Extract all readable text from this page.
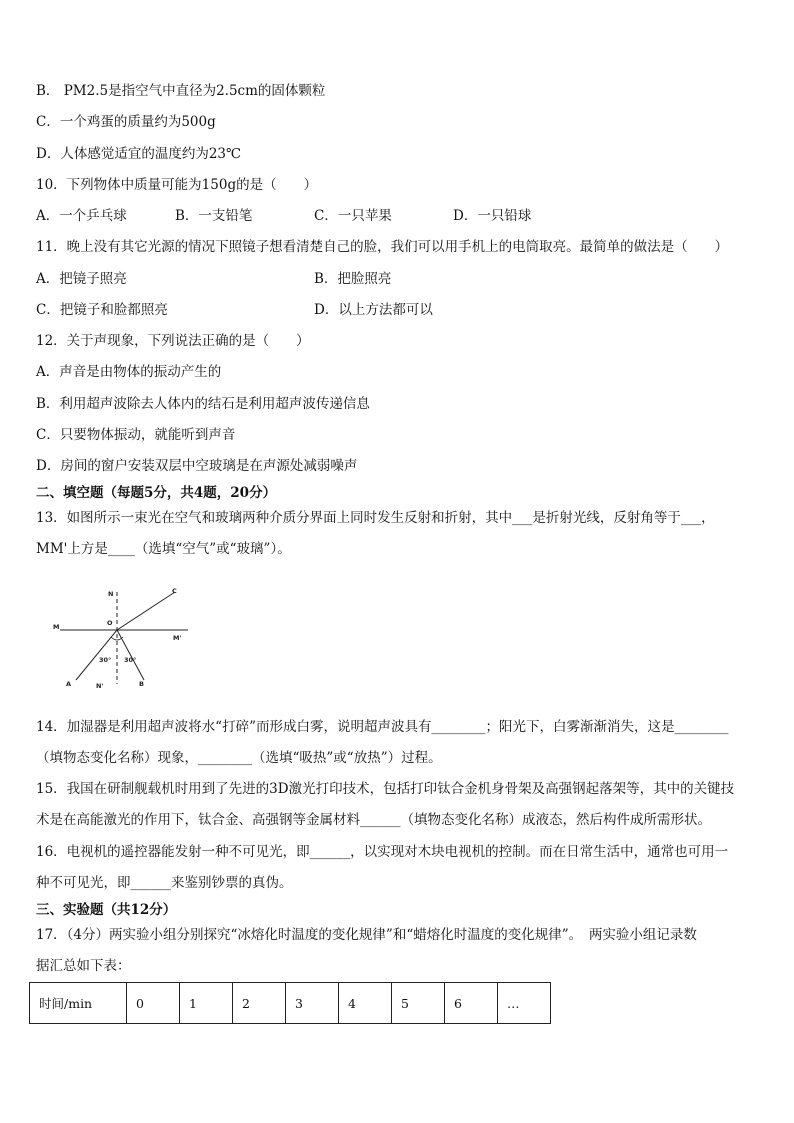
B． PM2.5是指空气中直径为2.5cm的固体颗粒
C．一个鸡蛋的质量约为500g
D．人体感觉适宜的温度约为23℃
10．下列物体中质量可能为150g的是（　　）
A．一个乒乓球	B．一支铅笔	C．一只苹果	D．一只铅球
11．晚上没有其它光源的情况下照镜子想看清楚自己的脸，我们可以用手机上的电筒取亮。最简单的做法是（　　）
A．把镜子照亮	B．把脸照亮
C．把镜子和脸都照亮	D．以上方法都可以
12．关于声现象，下列说法正确的是（　　）
A．声音是由物体的振动产生的
B．利用超声波除去人体内的结石是利用超声波传递信息
C．只要物体振动，就能听到声音
D．房间的窗户安装双层中空玻璃是在声源处减弱噪声
二、填空题（每题5分，共4题，20分）
13．如图所示一束光在空气和玻璃两种介质分界面上同时发生反射和折射，其中___是折射光线，反射角等于___，
MM'上方是____（选填“空气”或“玻璃”）。
N	C
O
M
M'
30° 30°
A	N'	B
14．加湿器是利用超声波将水“打碎”而形成白雾，说明超声波具有________；阳光下，白雾渐渐消失，这是________
（填物态变化名称）现象，________（选填“吸热”或“放热”）过程。
15．我国在研制舰载机时用到了先进的3D激光打印技术，包括打印钛合金机身骨架及高强钢起落架等，其中的关键技
术是在高能激光的作用下，钛合金、高强钢等金属材料______（填物态变化名称）成液态，然后构件成所需形状。
16．电视机的遥控器能发射一种不可见光，即______，以实现对木块电视机的控制。而在日常生活中，通常也可用一
种不可见光，即______来鉴别钞票的真伪。
三、实验题（共12分）
17．（4分）两实验小组分别探究“冰熔化时温度的变化规律”和“蜡熔化时温度的变化规律”。　两实验小组记录数
据汇总如下表：
时间/min	0	1	2	3	4	5	6	…
